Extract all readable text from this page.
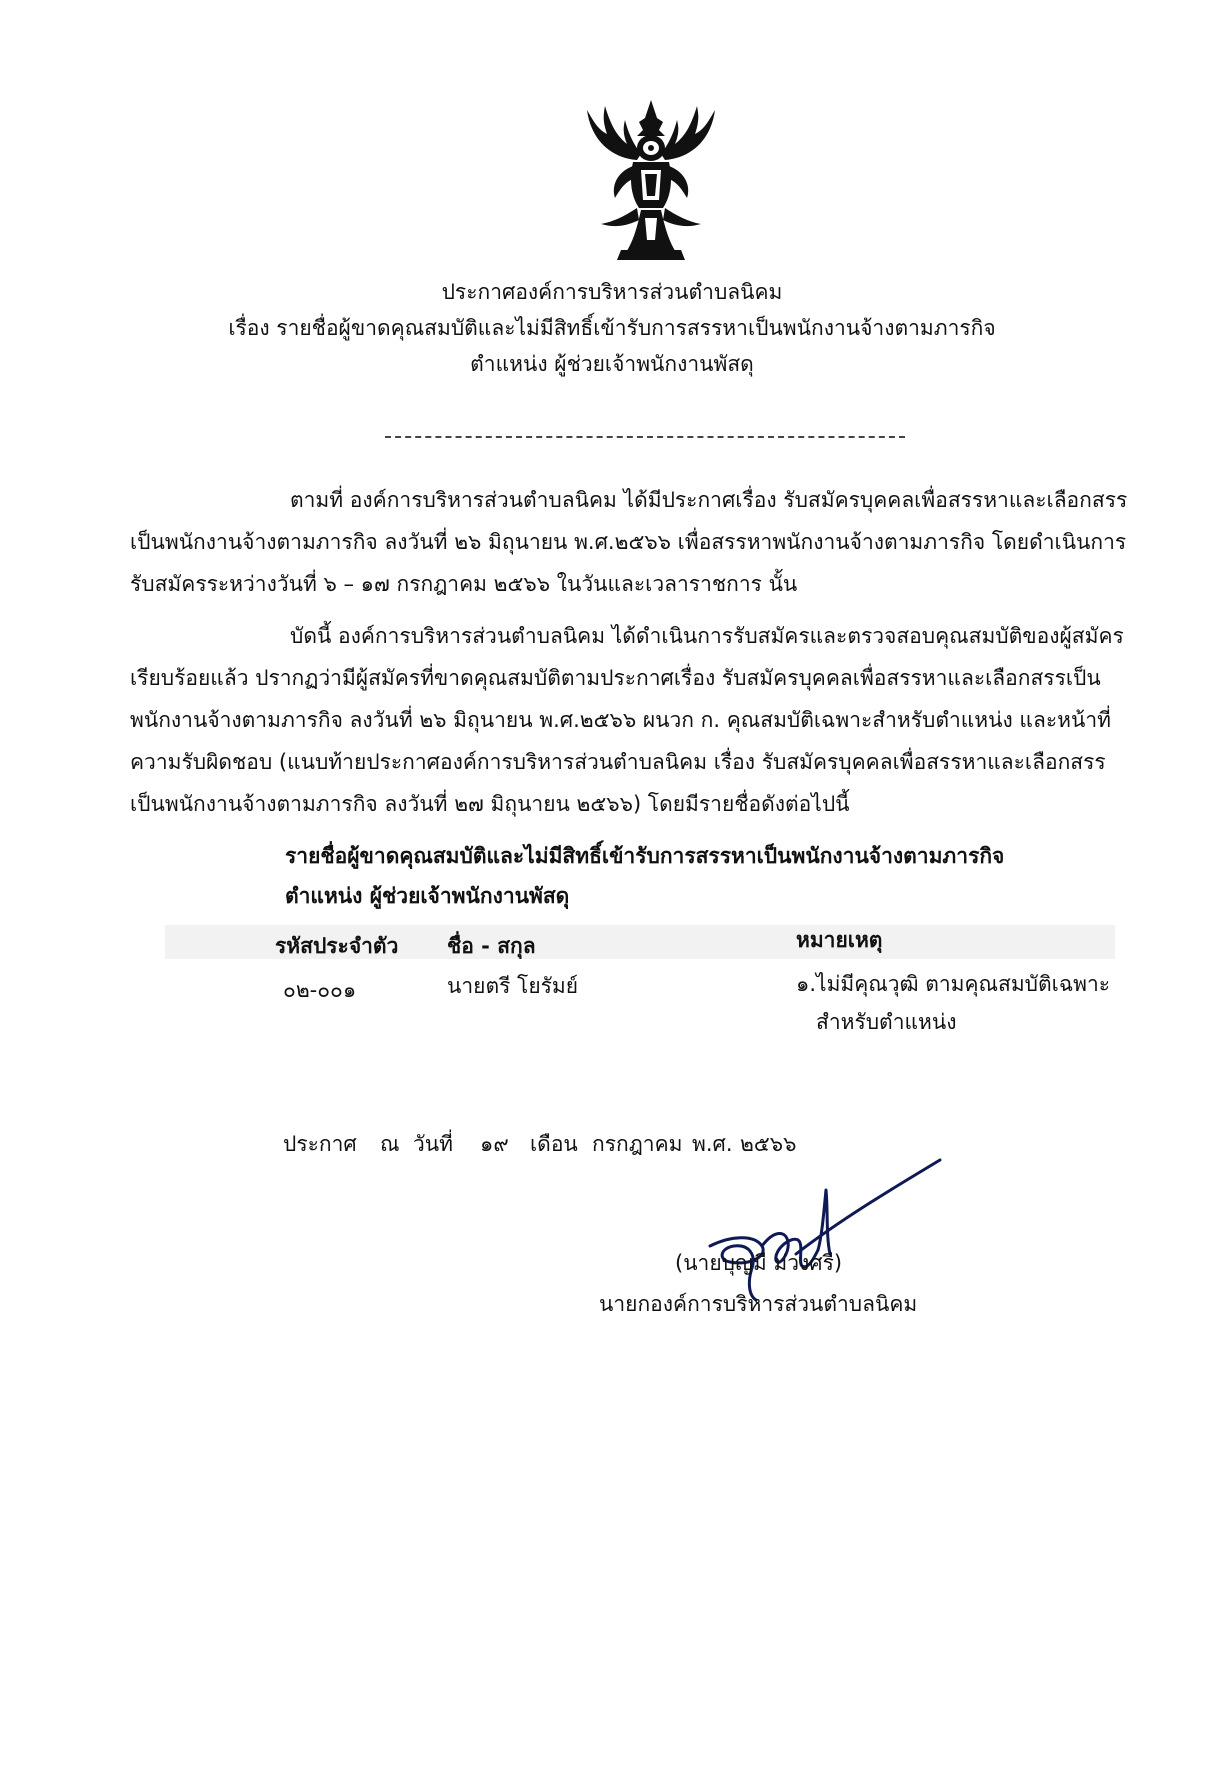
ประกาศองค์การบริหารส่วนตำบลนิคม
เรื่อง รายชื่อผู้ขาดคุณสมบัติและไม่มีสิทธิ์เข้ารับการสรรหาเป็นพนักงานจ้างตามภารกิจ
ตำแหน่ง ผู้ช่วยเจ้าพนักงานพัสดุ
ตามที่ องค์การบริหารส่วนตำบลนิคม ได้มีประกาศเรื่อง รับสมัครบุคคลเพื่อสรรหาและเลือกสรร
เป็นพนักงานจ้างตามภารกิจ ลงวันที่ ๒๖ มิถุนายน พ.ศ.๒๕๖๖ เพื่อสรรหาพนักงานจ้างตามภารกิจ โดยดำเนินการ
รับสมัครระหว่างวันที่ ๖ – ๑๗ กรกฎาคม ๒๕๖๖ ในวันและเวลาราชการ นั้น
บัดนี้ องค์การบริหารส่วนตำบลนิคม ได้ดำเนินการรับสมัครและตรวจสอบคุณสมบัติของผู้สมัคร
เรียบร้อยแล้ว ปรากฏว่ามีผู้สมัครที่ขาดคุณสมบัติตามประกาศเรื่อง รับสมัครบุคคลเพื่อสรรหาและเลือกสรรเป็น
พนักงานจ้างตามภารกิจ ลงวันที่ ๒๖ มิถุนายน พ.ศ.๒๕๖๖ ผนวก ก. คุณสมบัติเฉพาะสำหรับตำแหน่ง และหน้าที่
ความรับผิดชอบ (แนบท้ายประกาศองค์การบริหารส่วนตำบลนิคม เรื่อง รับสมัครบุคคลเพื่อสรรหาและเลือกสรร
เป็นพนักงานจ้างตามภารกิจ ลงวันที่ ๒๗ มิถุนายน ๒๕๖๖) โดยมีรายชื่อดังต่อไปนี้
รายชื่อผู้ขาดคุณสมบัติและไม่มีสิทธิ์เข้ารับการสรรหาเป็นพนักงานจ้างตามภารกิจ
ตำแหน่ง ผู้ช่วยเจ้าพนักงานพัสดุ
รหัสประจำตัว ชื่อ - สกุล	หมายเหตุ
๐๒-๐๐๑	นายตรี โยรัมย์	๑.ไม่มีคุณวุฒิ ตามคุณสมบัติเฉพาะ
สำหรับตำแหน่ง
ประกาศ ณ วันที่ ๑๙ เดือน กรกฎาคม พ.ศ. ๒๕๖๖
(นายบุญมี ม่วงศรี)
นายกองค์การบริหารส่วนตำบลนิคม
